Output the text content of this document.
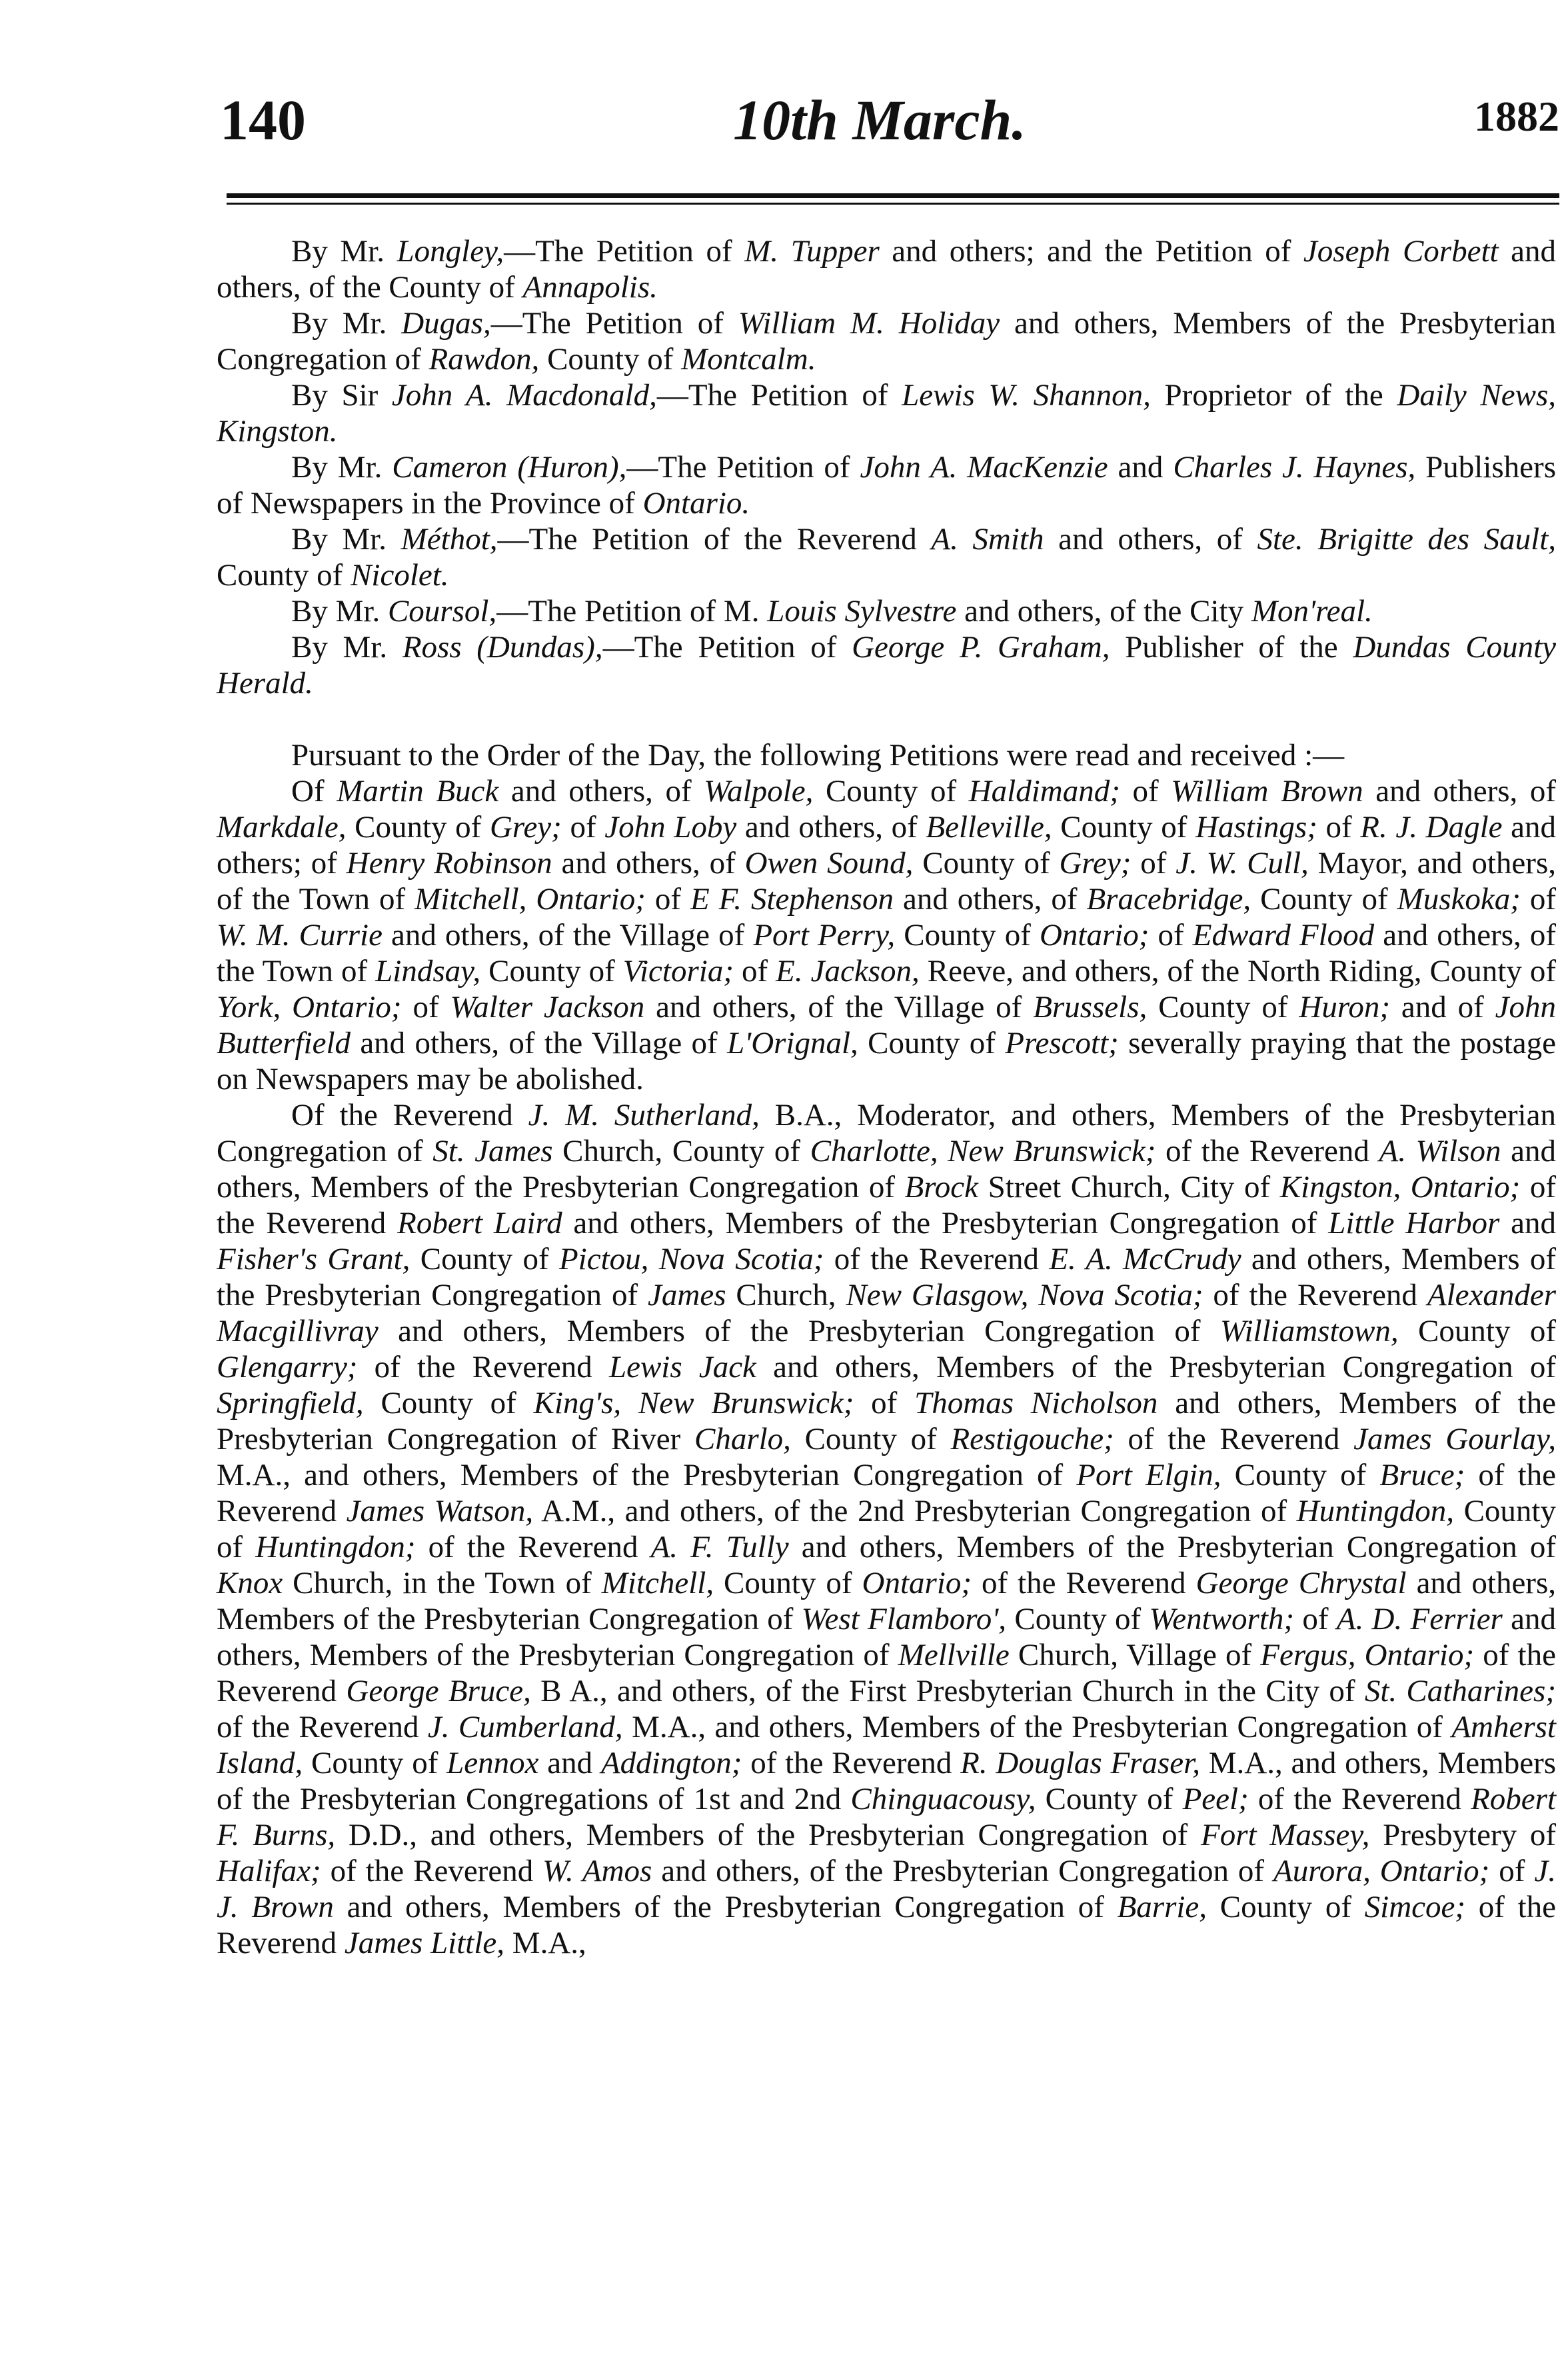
140	10th March.	1882

By Mr. Longley,—The Petition of M. Tupper and others; and the Petition of Joseph Corbett and others, of the County of Annapolis.

By Mr. Dugas,—The Petition of William M. Holiday and others, Members of the Presbyterian Congregation of Rawdon, County of Montcalm.

By Sir John A. Macdonald,—The Petition of Lewis W. Shannon, Proprietor of the Daily News, Kingston.

By Mr. Cameron (Huron),—The Petition of John A. MacKenzie and Charles J. Haynes, Publishers of Newspapers in the Province of Ontario.

By Mr. Méthot,—The Petition of the Reverend A. Smith and others, of Ste. Brigitte des Sault, County of Nicolet.

By Mr. Coursol,—The Petition of M. Louis Sylvestre and others, of the City Mon'real.

By Mr. Ross (Dundas),—The Petition of George P. Graham, Publisher of the Dundas County Herald.

Pursuant to the Order of the Day, the following Petitions were read and received :—

Of Martin Buck and others, of Walpole, County of Haldimand; of William Brown and others, of Markdale, County of Grey; of John Loby and others, of Belleville, County of Hastings; of R. J. Dagle and others; of Henry Robinson and others, of Owen Sound, County of Grey; of J. W. Cull, Mayor, and others, of the Town of Mitchell, Ontario; of E F. Stephenson and others, of Bracebridge, County of Muskoka; of W. M. Currie and others, of the Village of Port Perry, County of Ontario; of Edward Flood and others, of the Town of Lindsay, County of Victoria; of E. Jackson, Reeve, and others, of the North Riding, County of York, Ontario; of Walter Jackson and others, of the Village of Brussels, County of Huron; and of John Butterfield and others, of the Village of L'Orignal, County of Prescott; severally praying that the postage on Newspapers may be abolished.

Of the Reverend J. M. Sutherland, B.A., Moderator, and others, Members of the Presbyterian Congregation of St. James Church, County of Charlotte, New Brunswick; of the Reverend A. Wilson and others, Members of the Presbyterian Congregation of Brock Street Church, City of Kingston, Ontario; of the Reverend Robert Laird and others, Members of the Presbyterian Congregation of Little Harbor and Fisher's Grant, County of Pictou, Nova Scotia; of the Reverend E. A. McCrudy and others, Members of the Presbyterian Congregation of James Church, New Glasgow, Nova Scotia; of the Reverend Alexander Macgillivray and others, Members of the Presbyterian Congregation of Williamstown, County of Glengarry; of the Reverend Lewis Jack and others, Members of the Presbyterian Congregation of Springfield, County of King's, New Brunswick; of Thomas Nicholson and others, Members of the Presbyterian Congregation of River Charlo, County of Restigouche; of the Reverend James Gourlay, M.A., and others, Members of the Presbyterian Congregation of Port Elgin, County of Bruce; of the Reverend James Watson, A.M., and others, of the 2nd Presbyterian Congregation of Huntingdon, County of Huntingdon; of the Reverend A. F. Tully and others, Members of the Presbyterian Congregation of Knox Church, in the Town of Mitchell, County of Ontario; of the Reverend George Chrystal and others, Members of the Presbyterian Congregation of West Flamboro', County of Wentworth; of A. D. Ferrier and others, Members of the Presbyterian Congregation of Mellville Church, Village of Fergus, Ontario; of the Reverend George Bruce, B A., and others, of the First Presbyterian Church in the City of St. Catharines; of the Reverend J. Cumberland, M.A., and others, Members of the Presbyterian Congregation of Amherst Island, County of Lennox and Addington; of the Reverend R. Douglas Fraser, M.A., and others, Members of the Presbyterian Congregations of 1st and 2nd Chinguacousy, County of Peel; of the Reverend Robert F. Burns, D.D., and others, Members of the Presbyterian Congregation of Fort Massey, Presbytery of Halifax; of the Reverend W. Amos and others, of the Presbyterian Congregation of Aurora, Ontario; of J. J. Brown and others, Members of the Presbyterian Congregation of Barrie, County of Simcoe; of the Reverend James Little, M.A.,
